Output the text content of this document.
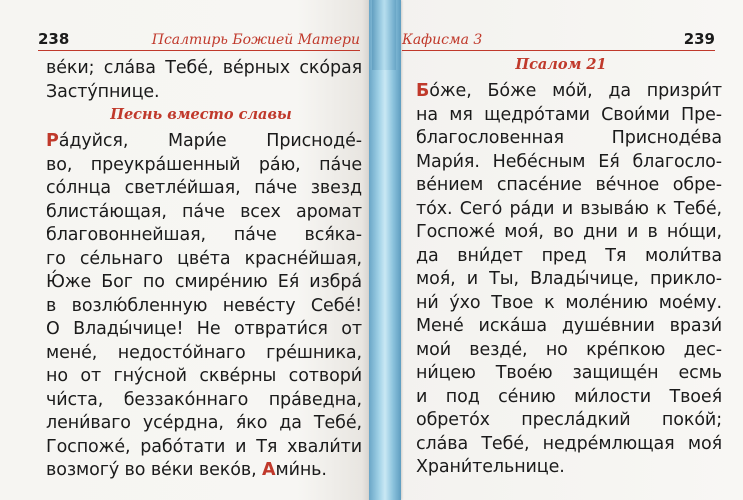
238	Псалтирь Божией Матери
ве́ки; сла́ва Тебе́, ве́рных ско́рая
Засту́пнице.
Песнь вместо славы
Ра́дуйся, Мари́е Приснодé-
во, преукра́шенный ра́ю, па́че
со́лнца светле́йшая, па́че звезд
блиста́ющая, па́че всех аромат
благовоннейшая, па́че вся́ка-
го се́льнаго цве́та красне́йшая,
Ю́же Бог по смире́нию Ея́ избра́
в возлю́бленную неве́сту Себе́!
О Влады́чице! Не отврати́ся от
мене́, недосто́йнаго гре́шника,
но от гну́сной скве́рны сотвори́
чи́ста, беззако́ннаго пра́ведна,
лени́ваго усе́рдна, я́ко да Тебе́,
Госпоже́, рабо́тати и Тя хвали́ти
возмогу́ во ве́ки веко́в, Ами́нь.
Кафисма 3	239
Псалом 21
Бо́же, Бо́же мо́й, да призри́т
на мя щедро́тами Свои́ми Пре-
благословенная Приснодéва
Мари́я. Небе́сным Ея́ благосло-
ве́нием спасе́ние ве́чное обре-
то́х. Сего́ ра́ди и взыва́ю к Тебе́,
Госпоже́ моя́, во дни и в но́щи,
да вни́дет пред Тя моли́тва
моя́, и Ты, Влады́чице, прикло-
ни́ у́хо Твое к моле́нию мое́му.
Мене́ иска́ша душе́внии врази́
мои́ везде́, но кре́пкою дес-
ни́цею Твое́ю защище́н есмь
и под се́нию ми́лости Твоея́
обрето́х пресла́дкий поко́й;
сла́ва Тебе́, недре́млющая моя́
Храни́тельнице.
